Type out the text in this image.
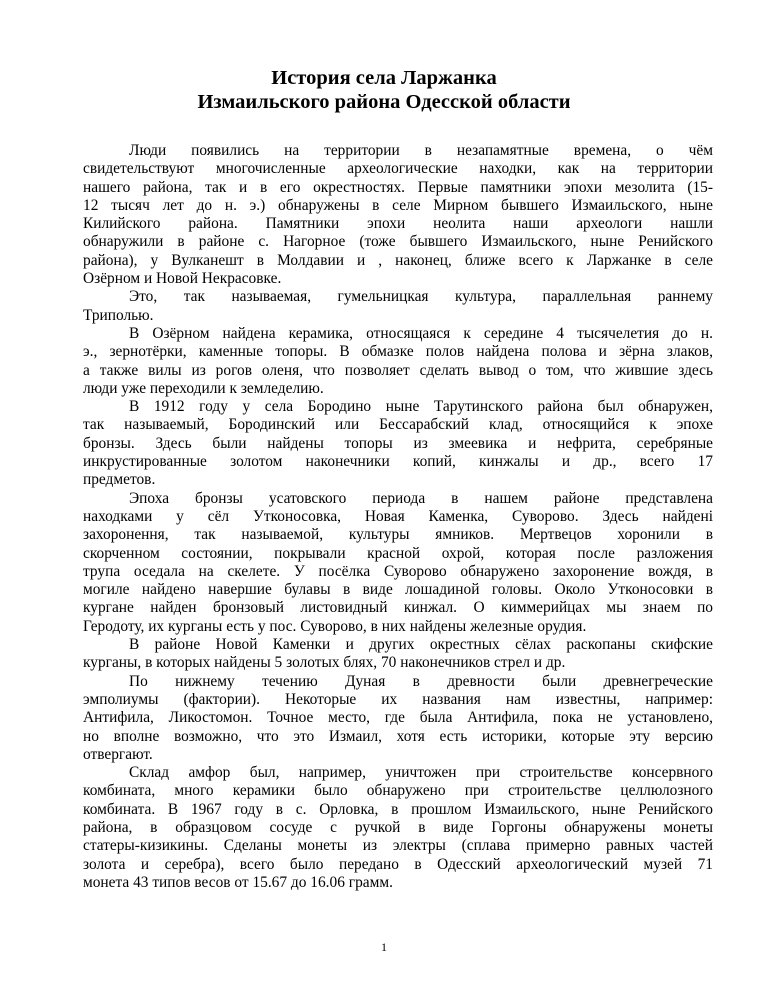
История села Ларжанка
Измаильского района Одесской области

Люди появились на территории в незапамятные времена, о чём
свидетельствуют многочисленные археологические находки, как на территории
нашего района, так и в его окрестностях. Первые памятники эпохи мезолита (15-
12 тысяч лет до н. э.) обнаружены в селе Мирном бывшего Измаильского, ныне
Килийского района. Памятники эпохи неолита наши археологи нашли
обнаружили в районе с. Нагорное (тоже бывшего Измаильского, ныне Ренийского
района), у Вулканешт в Молдавии и , наконец, ближе всего к Ларжанке в селе
Озёрном и Новой Некрасовке.

Это, так называемая, гумельницкая культура, параллельная раннему
Триполью.

В Озёрном найдена керамика, относящаяся к середине 4 тысячелетия до н.
э., зернотёрки, каменные топоры. В обмазке полов найдена полова и зёрна злаков,
а также вилы из рогов оленя, что позволяет сделать вывод о том, что жившие здесь
люди уже переходили к земледелию.

В 1912 году у села Бородино ныне Тарутинского района был обнаружен,
так называемый, Бородинский или Бессарабский клад, относящийся к эпохе
бронзы. Здесь были найдены топоры из змеевика и нефрита, серебряные
инкрустированные золотом наконечники копий, кинжалы и др., всего 17
предметов.

Эпоха бронзы усатовского периода в нашем районе представлена
находками у сёл Утконосовка, Новая Каменка, Суворово. Здесь найдені
захоронення, так называемой, культуры ямников. Мертвецов хоронили в
скорченном состоянии, покрывали красной охрой, которая после разложения
трупа оседала на скелете. У посёлка Суворово обнаружено захоронение вождя, в
могиле найдено навершие булавы в виде лошадиной головы. Около Утконосовки в
кургане найден бронзовый листовидный кинжал. О киммерийцах мы знаем по
Геродоту, их курганы есть у пос. Суворово, в них найдены железные орудия.

В районе Новой Каменки и других окрестных сёлах раскопаны скифские
курганы, в которых найдены 5 золотых блях, 70 наконечников стрел и др.

По нижнему течению Дуная в древности были древнегреческие
эмполиумы (фактории). Некоторые их названия нам известны, например:
Антифила, Ликостомон. Точное место, где была Антифила, пока не установлено,
но вполне возможно, что это Измаил, хотя есть историки, которые эту версию
отвергают.

Склад амфор был, например, уничтожен при строительстве консервного
комбината, много керамики было обнаружено при строительстве целлюлозного
комбината. В 1967 году в с. Орловка, в прошлом Измаильского, ныне Ренийского
района, в образцовом сосуде с ручкой в виде Горгоны обнаружены монеты
статеры-кизикины. Сделаны монеты из электры (сплава примерно равных частей
золота и серебра), всего было передано в Одесский археологический музей 71
монета 43 типов весов от 15.67 до 16.06 грамм.

1
